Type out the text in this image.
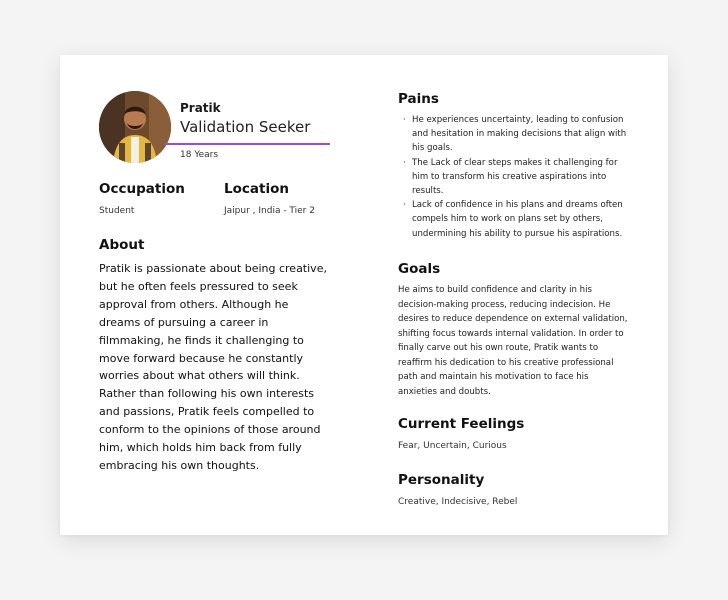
Pratik
Validation Seeker
18 Years
Occupation
Student
Location
Jaipur , India - Tier 2
About
Pratik is passionate about being creative, but he often feels pressured to seek approval from others. Although he dreams of pursuing a career in filmmaking, he finds it challenging to move forward because he constantly worries about what others will think. Rather than following his own interests and passions, Pratik feels compelled to conform to the opinions of those around him, which holds him back from fully embracing his own thoughts.
Pains
· He experiences uncertainty, leading to confusion and hesitation in making decisions that align with his goals.
· The Lack of clear steps makes it challenging for him to transform his creative aspirations into results.
· Lack of confidence in his plans and dreams often compels him to work on plans set by others, undermining his ability to pursue his aspirations.
Goals
He aims to build confidence and clarity in his decision-making process, reducing indecision. He desires to reduce dependence on external validation, shifting focus towards internal validation. In order to finally carve out his own route, Pratik wants to reaffirm his dedication to his creative professional path and maintain his motivation to face his anxieties and doubts.
Current Feelings
Fear, Uncertain, Curious
Personality
Creative, Indecisive, Rebel
